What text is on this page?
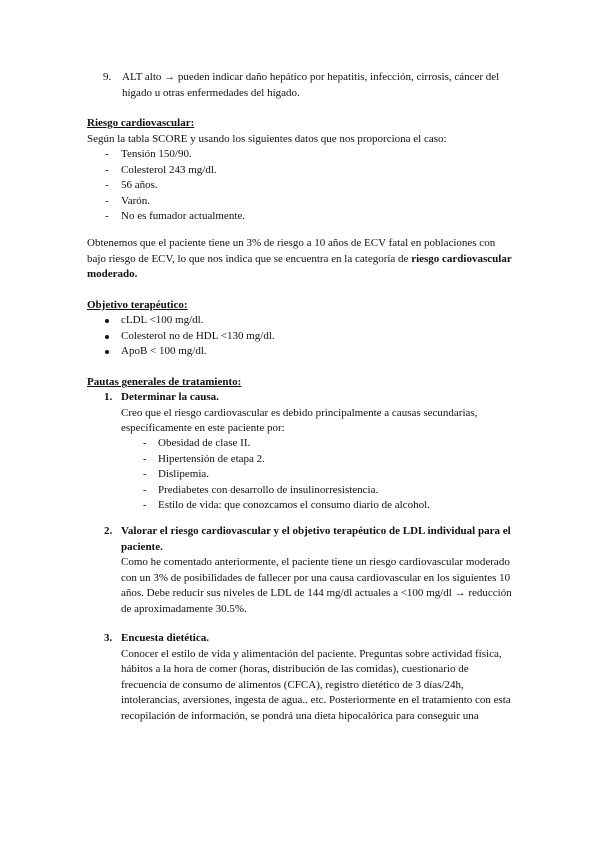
9. ALT alto → pueden indicar daño hepático por hepatitis, infección, cirrosis, cáncer del
hígado u otras enfermedades del hígado.
Riesgo cardiovascular:
Según la tabla SCORE y usando los siguientes datos que nos proporciona el caso:
- Tensión 150/90.
- Colesterol 243 mg/dl.
- 56 años.
- Varón.
- No es fumador actualmente.
Obtenemos que el paciente tiene un 3% de riesgo a 10 años de ECV fatal en poblaciones con
bajo riesgo de ECV, lo que nos indica que se encuentra en la categoría de riesgo cardiovascular
moderado.
Objetivo terapéutico:
cLDL <100 mg/dl.
Colesterol no de HDL <130 mg/dl.
ApoB < 100 mg/dl.
Pautas generales de tratamiento:
1. Determinar la causa.
Creo que el riesgo cardiovascular es debido principalmente a causas secundarias,
específicamente en este paciente por:
- Obesidad de clase II.
- Hipertensión de etapa 2.
- Dislipemia.
- Prediabetes con desarrollo de insulinorresistencia.
- Estilo de vida: que conozcamos el consumo diario de alcohol.
2. Valorar el riesgo cardiovascular y el objetivo terapéutico de LDL individual para el
paciente.
Como he comentado anteriormente, el paciente tiene un riesgo cardiovascular moderado
con un 3% de posibilidades de fallecer por una causa cardiovascular en los siguientes 10
años. Debe reducir sus niveles de LDL de 144 mg/dl actuales a <100 mg/dl → reducción
de aproximadamente 30.5%.
3. Encuesta dietética.
Conocer el estilo de vida y alimentación del paciente. Preguntas sobre actividad física,
hábitos a la hora de comer (horas, distribución de las comidas), cuestionario de
frecuencia de consumo de alimentos (CFCA), registro dietético de 3 días/24h,
intolerancias, aversiones, ingesta de agua.. etc. Posteriormente en el tratamiento con esta
recopilación de información, se pondrá una dieta hipocalórica para conseguir una
